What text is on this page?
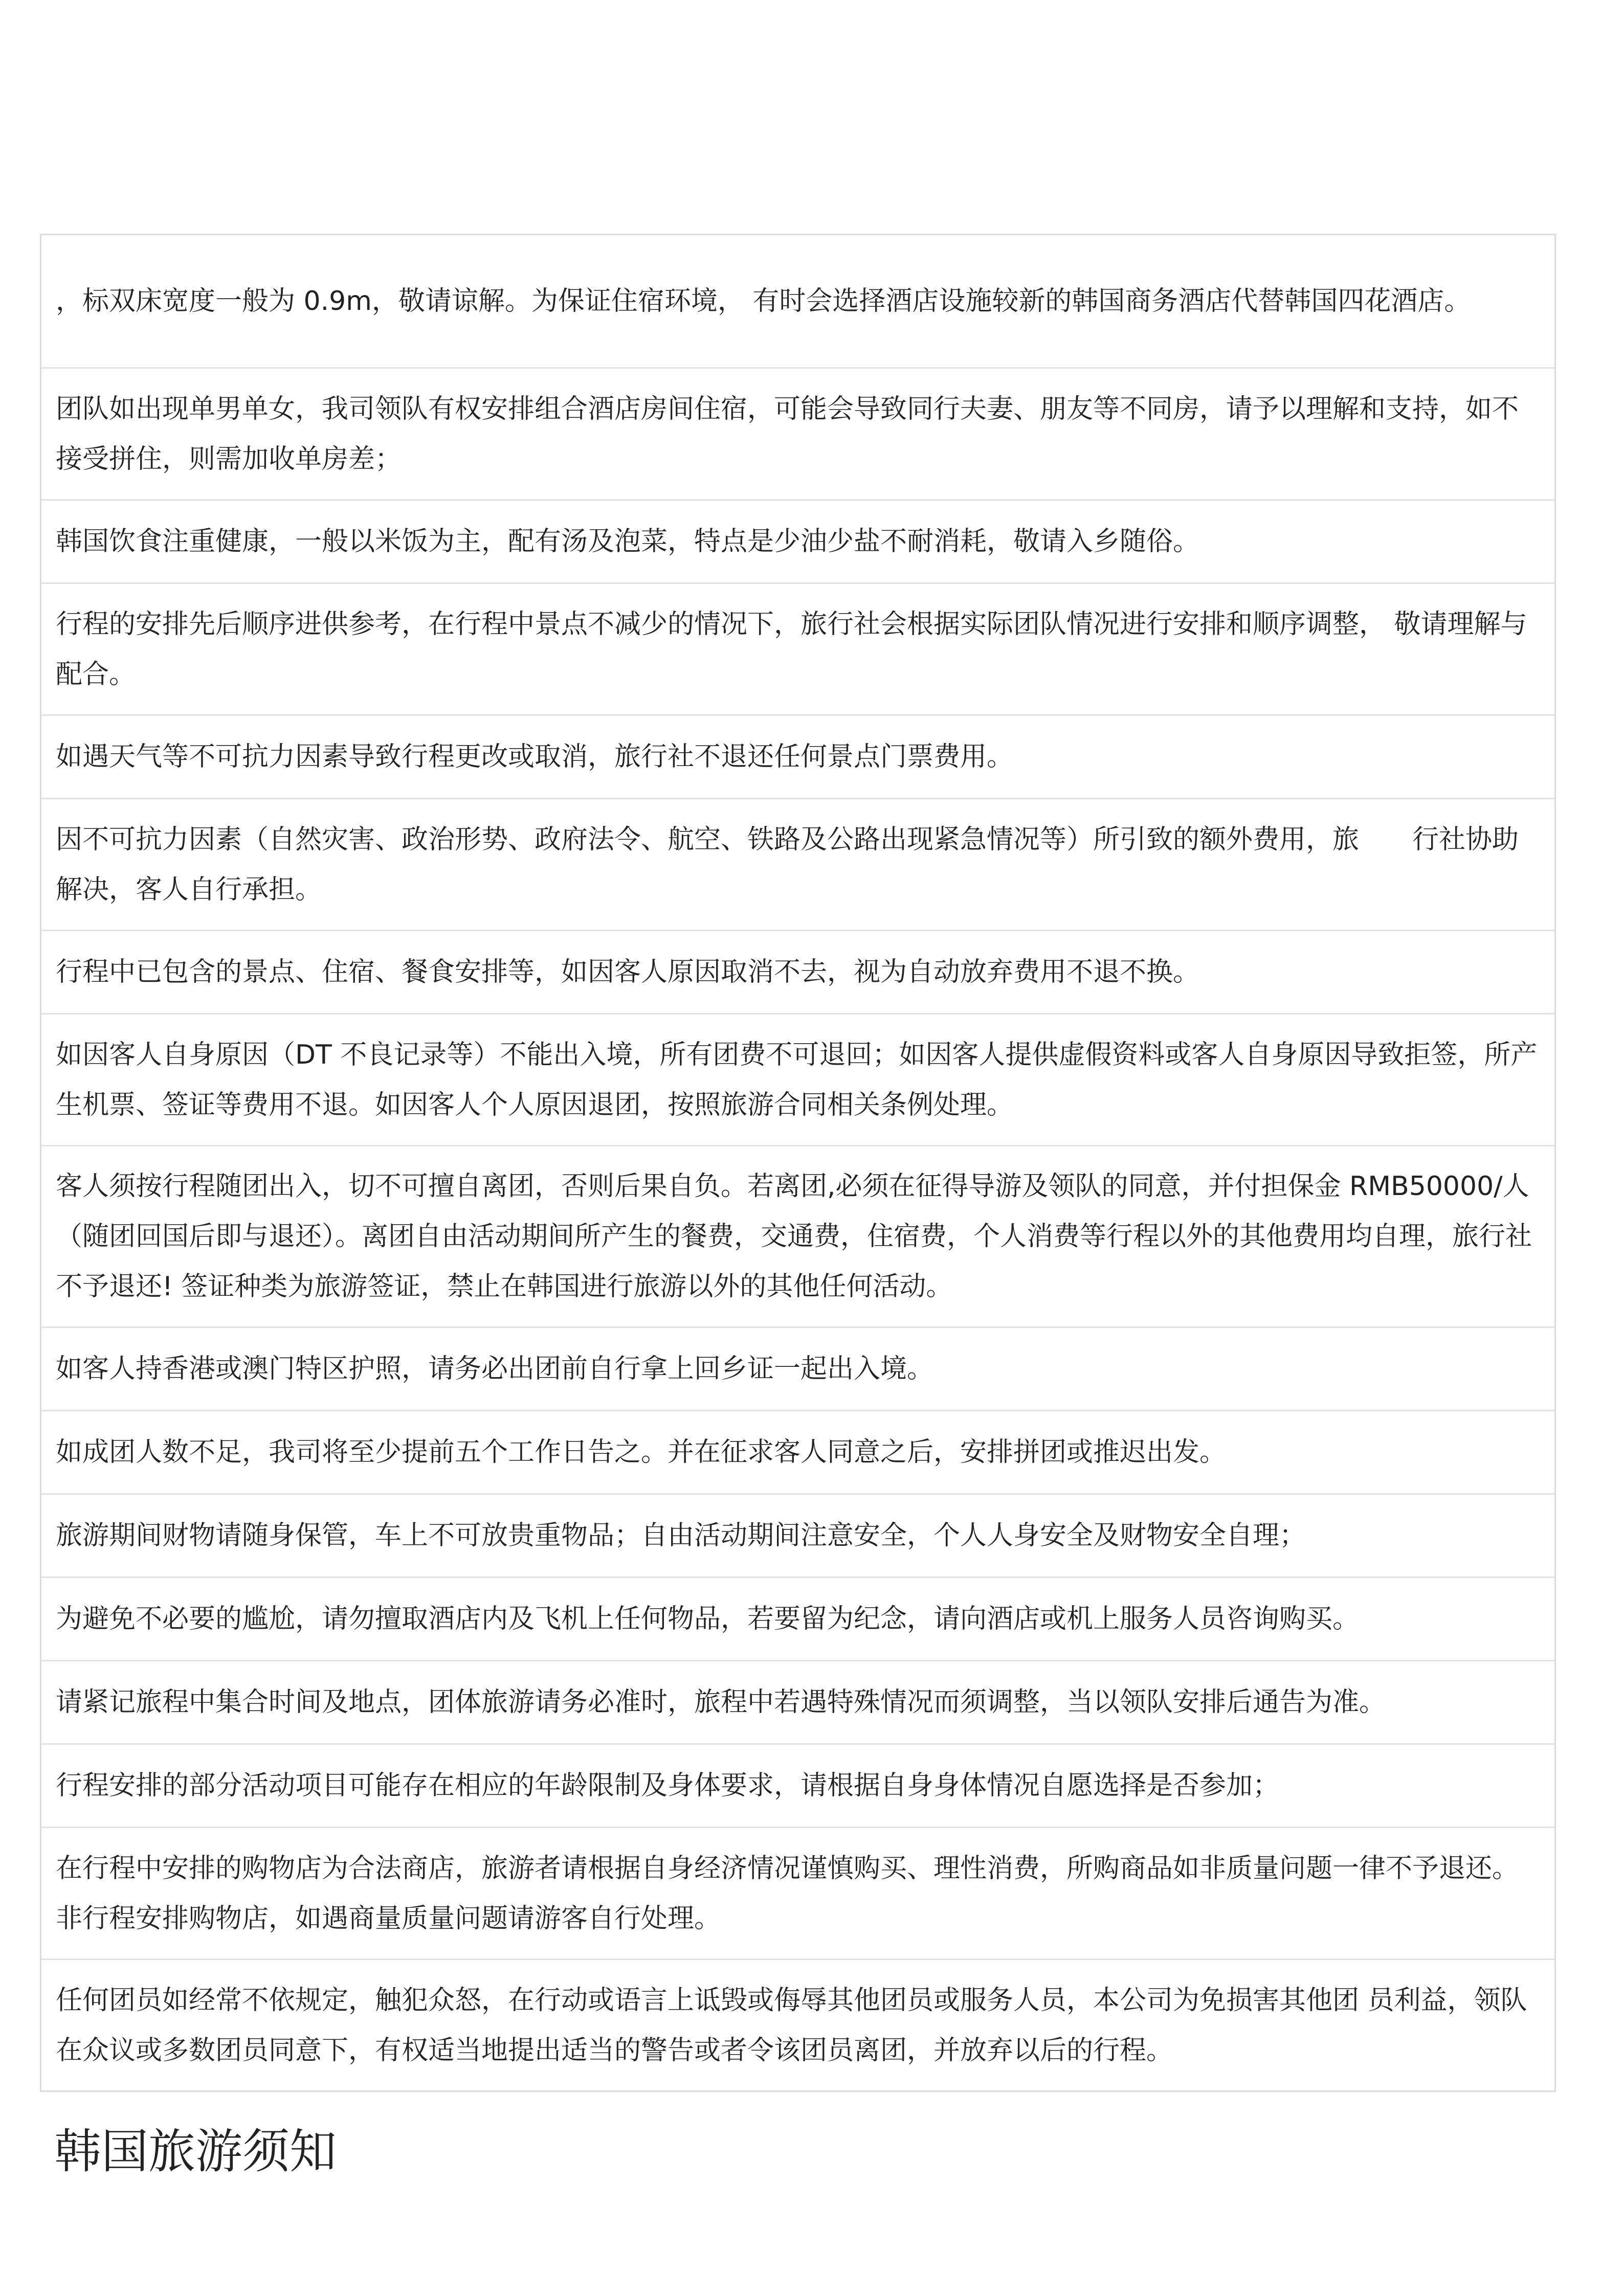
，标双床宽度一般为 0.9m，敬请谅解。为保证住宿环境， 有时会选择酒店设施较新的韩国商务酒店代替韩国四花酒店。
团队如出现单男单女，我司领队有权安排组合酒店房间住宿，可能会导致同行夫妻、朋友等不同房，请予以理解和支持，如不接受拼住，则需加收单房差；
韩国饮食注重健康，一般以米饭为主，配有汤及泡菜，特点是少油少盐不耐消耗，敬请入乡随俗。
行程的安排先后顺序进供参考，在行程中景点不减少的情况下，旅行社会根据实际团队情况进行安排和顺序调整， 敬请理解与配合。
如遇天气等不可抗力因素导致行程更改或取消，旅行社不退还任何景点门票费用。
因不可抗力因素（自然灾害、政治形势、政府法令、航空、铁路及公路出现紧急情况等）所引致的额外费用，旅　　行社协助解决，客人自行承担。
行程中已包含的景点、住宿、餐食安排等，如因客人原因取消不去，视为自动放弃费用不退不换。
如因客人自身原因（DT 不良记录等）不能出入境，所有团费不可退回；如因客人提供虚假资料或客人自身原因导致拒签，所产生机票、签证等费用不退。如因客人个人原因退团，按照旅游合同相关条例处理。
客人须按行程随团出入，切不可擅自离团，否则后果自负。若离团,必须在征得导游及领队的同意，并付担保金 RMB50000/人（随团回国后即与退还）。离团自由活动期间所产生的餐费，交通费，住宿费，个人消费等行程以外的其他费用均自理，旅行社不予退还! 签证种类为旅游签证，禁止在韩国进行旅游以外的其他任何活动。
如客人持香港或澳门特区护照，请务必出团前自行拿上回乡证一起出入境。
如成团人数不足，我司将至少提前五个工作日告之。并在征求客人同意之后，安排拼团或推迟出发。
旅游期间财物请随身保管，车上不可放贵重物品；自由活动期间注意安全，个人人身安全及财物安全自理；
为避免不必要的尴尬，请勿擅取酒店内及飞机上任何物品，若要留为纪念，请向酒店或机上服务人员咨询购买。
请紧记旅程中集合时间及地点，团体旅游请务必准时，旅程中若遇特殊情况而须调整，当以领队安排后通告为准。
行程安排的部分活动项目可能存在相应的年龄限制及身体要求，请根据自身身体情况自愿选择是否参加；
在行程中安排的购物店为合法商店，旅游者请根据自身经济情况谨慎购买、理性消费，所购商品如非质量问题一律不予退还。非行程安排购物店，如遇商量质量问题请游客自行处理。
任何团员如经常不依规定，触犯众怒，在行动或语言上诋毁或侮辱其他团员或服务人员，本公司为免损害其他团 员利益，领队在众议或多数团员同意下，有权适当地提出适当的警告或者令该团员离团，并放弃以后的行程。
韩国旅游须知
